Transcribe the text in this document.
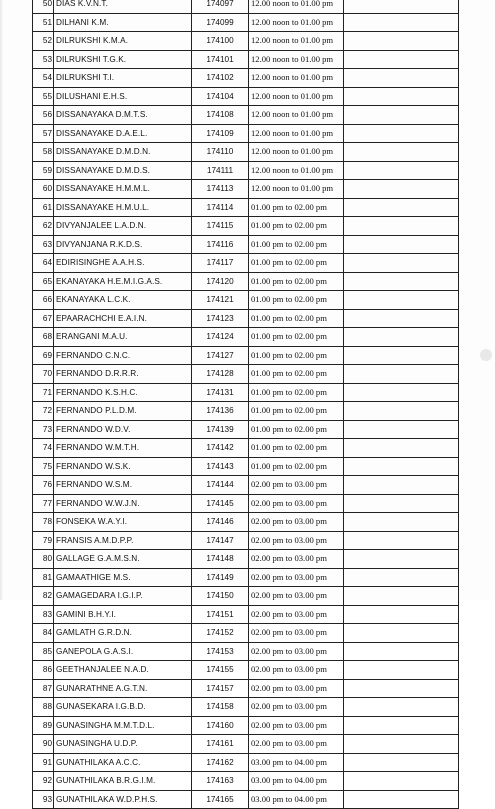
50	DIAS K.V.N.T.	174097	12.00 noon to 01.00 pm	
51	DILHANI K.M.	174099	12.00 noon to 01.00 pm	
52	DILRUKSHI K.M.A.	174100	12.00 noon to 01.00 pm	
53	DILRUKSHI T.G.K.	174101	12.00 noon to 01.00 pm	
54	DILRUKSHI T.I.	174102	12.00 noon to 01.00 pm	
55	DILUSHANI E.H.S.	174104	12.00 noon to 01.00 pm	
56	DISSANAYAKA D.M.T.S.	174108	12.00 noon to 01.00 pm	
57	DISSANAYAKE D.A.E.L.	174109	12.00 noon to 01.00 pm	
58	DISSANAYAKE D.M.D.N.	174110	12.00 noon to 01.00 pm	
59	DISSANAYAKE D.M.D.S.	174111	12.00 noon to 01.00 pm	
60	DISSANAYAKE H.M.M.L.	174113	12.00 noon to 01.00 pm	
61	DISSANAYAKE H.M.U.L.	174114	01.00 pm to 02.00 pm	
62	DIVYANJALEE L.A.D.N.	174115	01.00 pm to 02.00 pm	
63	DIVYANJANA R.K.D.S.	174116	01.00 pm to 02.00 pm	
64	EDIRISINGHE A.A.H.S.	174117	01.00 pm to 02.00 pm	
65	EKANAYAKA H.E.M.I.G.A.S.	174120	01.00 pm to 02.00 pm	
66	EKANAYAKA L.C.K.	174121	01.00 pm to 02.00 pm	
67	EPAARACHCHI E.A.I.N.	174123	01.00 pm to 02.00 pm	
68	ERANGANI M.A.U.	174124	01.00 pm to 02.00 pm	
69	FERNANDO C.N.C.	174127	01.00 pm to 02.00 pm	
70	FERNANDO D.R.R.R.	174128	01.00 pm to 02.00 pm	
71	FERNANDO K.S.H.C.	174131	01.00 pm to 02.00 pm	
72	FERNANDO P.L.D.M.	174136	01.00 pm to 02.00 pm	
73	FERNANDO W.D.V.	174139	01.00 pm to 02.00 pm	
74	FERNANDO W.M.T.H.	174142	01.00 pm to 02.00 pm	
75	FERNANDO W.S.K.	174143	01.00 pm to 02.00 pm	
76	FERNANDO W.S.M.	174144	02.00 pm to 03.00 pm	
77	FERNANDO W.W.J.N.	174145	02.00 pm to 03.00 pm	
78	FONSEKA W.A.Y.I.	174146	02.00 pm to 03.00 pm	
79	FRANSIS A.M.D.P.P.	174147	02.00 pm to 03.00 pm	
80	GALLAGE G.A.M.S.N.	174148	02.00 pm to 03.00 pm	
81	GAMAATHIGE M.S.	174149	02.00 pm to 03.00 pm	
82	GAMAGEDARA I.G.I.P.	174150	02.00 pm to 03.00 pm	
83	GAMINI B.H.Y.I.	174151	02.00 pm to 03.00 pm	
84	GAMLATH G.R.D.N.	174152	02.00 pm to 03.00 pm	
85	GANEPOLA G.A.S.I.	174153	02.00 pm to 03.00 pm	
86	GEETHANJALEE N.A.D.	174155	02.00 pm to 03.00 pm	
87	GUNARATHNE A.G.T.N.	174157	02.00 pm to 03.00 pm	
88	GUNASEKARA I.G.B.D.	174158	02.00 pm to 03.00 pm	
89	GUNASINGHA M.M.T.D.L.	174160	02.00 pm to 03.00 pm	
90	GUNASINGHA U.D.P.	174161	02.00 pm to 03.00 pm	
91	GUNATHILAKA A.C.C.	174162	03.00 pm to 04.00 pm	
92	GUNATHILAKA B.R.G.I.M.	174163	03.00 pm to 04.00 pm	
93	GUNATHILAKA W.D.P.H.S.	174165	03.00 pm to 04.00 pm	
